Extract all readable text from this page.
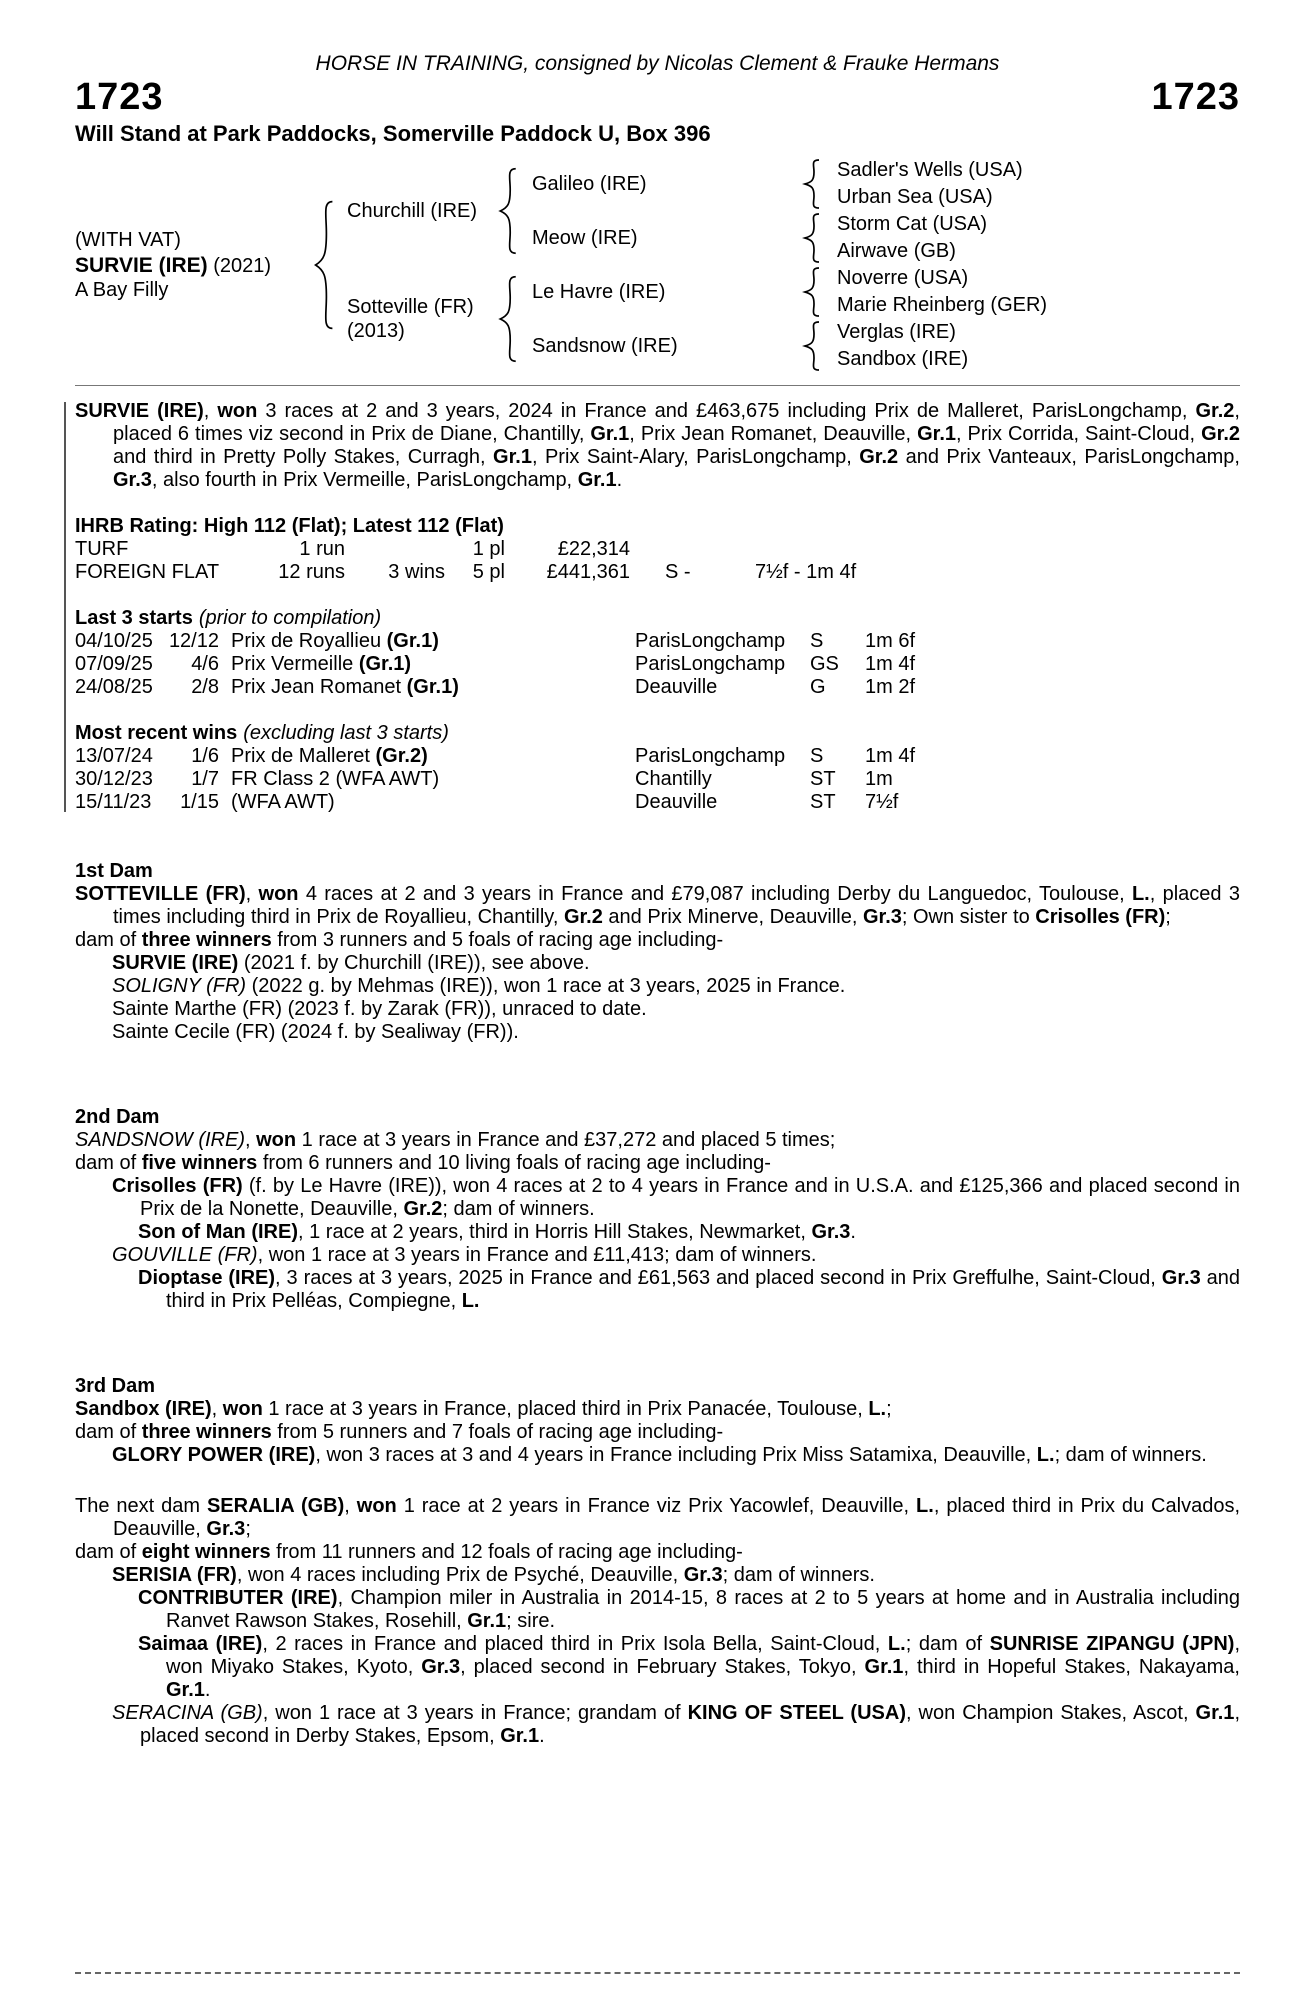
HORSE IN TRAINING, consigned by Nicolas Clement & Frauke Hermans
1723	1723
Will Stand at Park Paddocks, Somerville Paddock U, Box 396
(WITH VAT)
SURVIE (IRE) (2021)
A Bay Filly
Churchill (IRE)
Galileo (IRE)
Sadler's Wells (USA)
Urban Sea (USA)
Meow (IRE)
Storm Cat (USA)
Airwave (GB)
Sotteville (FR)
(2013)
Le Havre (IRE)
Noverre (USA)
Marie Rheinberg (GER)
Sandsnow (IRE)
Verglas (IRE)
Sandbox (IRE)

SURVIE (IRE), won 3 races at 2 and 3 years, 2024 in France and £463,675 including Prix de Malleret, ParisLongchamp, Gr.2, placed 6 times viz second in Prix de Diane, Chantilly, Gr.1, Prix Jean Romanet, Deauville, Gr.1, Prix Corrida, Saint-Cloud, Gr.2 and third in Pretty Polly Stakes, Curragh, Gr.1, Prix Saint-Alary, ParisLongchamp, Gr.2 and Prix Vanteaux, ParisLongchamp, Gr.3, also fourth in Prix Vermeille, ParisLongchamp, Gr.1.

IHRB Rating: High 112 (Flat); Latest 112 (Flat)
TURF	1 run	1 pl	£22,314
FOREIGN FLAT	12 runs	3 wins	5 pl	£441,361	S -	7½f - 1m 4f
Last 3 starts (prior to compilation)
04/10/25 12/12 Prix de Royallieu (Gr.1)	ParisLongchamp	S	1m 6f
07/09/25	4/6 Prix Vermeille (Gr.1)	ParisLongchamp	GS	1m 4f
24/08/25	2/8 Prix Jean Romanet (Gr.1)	Deauville	G	1m 2f
Most recent wins (excluding last 3 starts)
13/07/24	1/6 Prix de Malleret (Gr.2)	ParisLongchamp	S	1m 4f
30/12/23	1/7 FR Class 2 (WFA AWT)	Chantilly	ST	1m
15/11/23	1/15 (WFA AWT)	Deauville	ST	7½f
1st Dam

SOTTEVILLE (FR), won 4 races at 2 and 3 years in France and £79,087 including Derby du Languedoc, Toulouse, L., placed 3 times including third in Prix de Royallieu, Chantilly, Gr.2 and Prix Minerve, Deauville, Gr.3; Own sister to Crisolles (FR);

dam of three winners from 3 runners and 5 foals of racing age including-

SURVIE (IRE) (2021 f. by Churchill (IRE)), see above.

SOLIGNY (FR) (2022 g. by Mehmas (IRE)), won 1 race at 3 years, 2025 in France.

Sainte Marthe (FR) (2023 f. by Zarak (FR)), unraced to date.

Sainte Cecile (FR) (2024 f. by Sealiway (FR)).

2nd Dam

SANDSNOW (IRE), won 1 race at 3 years in France and £37,272 and placed 5 times;

dam of five winners from 6 runners and 10 living foals of racing age including-

Crisolles (FR) (f. by Le Havre (IRE)), won 4 races at 2 to 4 years in France and in U.S.A. and £125,366 and placed second in Prix de la Nonette, Deauville, Gr.2; dam of winners.

Son of Man (IRE), 1 race at 2 years, third in Horris Hill Stakes, Newmarket, Gr.3.

GOUVILLE (FR), won 1 race at 3 years in France and £11,413; dam of winners.

Dioptase (IRE), 3 races at 3 years, 2025 in France and £61,563 and placed second in Prix Greffulhe, Saint-Cloud, Gr.3 and third in Prix Pelléas, Compiegne, L.

3rd Dam

Sandbox (IRE), won 1 race at 3 years in France, placed third in Prix Panacée, Toulouse, L.;

dam of three winners from 5 runners and 7 foals of racing age including-

GLORY POWER (IRE), won 3 races at 3 and 4 years in France including Prix Miss Satamixa, Deauville, L.; dam of winners.

The next dam SERALIA (GB), won 1 race at 2 years in France viz Prix Yacowlef, Deauville, L., placed third in Prix du Calvados, Deauville, Gr.3;

dam of eight winners from 11 runners and 12 foals of racing age including-

SERISIA (FR), won 4 races including Prix de Psyché, Deauville, Gr.3; dam of winners.

CONTRIBUTER (IRE), Champion miler in Australia in 2014-15, 8 races at 2 to 5 years at home and in Australia including Ranvet Rawson Stakes, Rosehill, Gr.1; sire.

Saimaa (IRE), 2 races in France and placed third in Prix Isola Bella, Saint-Cloud, L.; dam of SUNRISE ZIPANGU (JPN), won Miyako Stakes, Kyoto, Gr.3, placed second in February Stakes, Tokyo, Gr.1, third in Hopeful Stakes, Nakayama, Gr.1.

SERACINA (GB), won 1 race at 3 years in France; grandam of KING OF STEEL (USA), won Champion Stakes, Ascot, Gr.1, placed second in Derby Stakes, Epsom, Gr.1.
